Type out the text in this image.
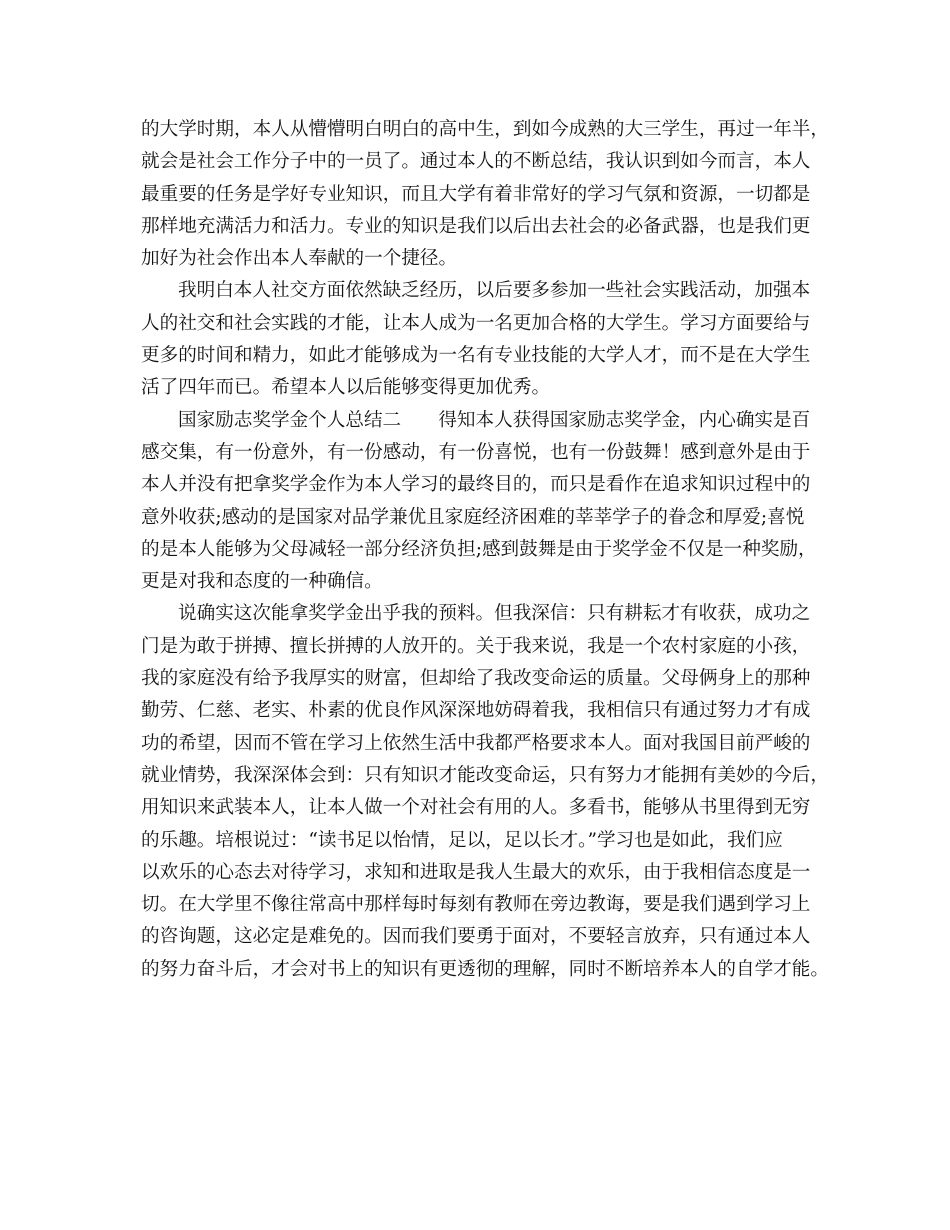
的大学时期，本人从懵懵明白明白的高中生，到如今成熟的大三学生，再过一年半，
就会是社会工作分子中的一员了。通过本人的不断总结，我认识到如今而言，本人
最重要的任务是学好专业知识，而且大学有着非常好的学习气氛和资源，一切都是
那样地充满活力和活力。专业的知识是我们以后出去社会的必备武器，也是我们更
加好为社会作出本人奉献的一个捷径。
我明白本人社交方面依然缺乏经历，以后要多参加一些社会实践活动，加强本
人的社交和社会实践的才能，让本人成为一名更加合格的大学生。学习方面要给与
更多的时间和精力，如此才能够成为一名有专业技能的大学人才，而不是在大学生
活了四年而已。希望本人以后能够变得更加优秀。
国家励志奖学金个人总结二　　得知本人获得国家励志奖学金，内心确实是百
感交集，有一份意外，有一份感动，有一份喜悦，也有一份鼓舞！感到意外是由于
本人并没有把拿奖学金作为本人学习的最终目的，而只是看作在追求知识过程中的
意外收获;感动的是国家对品学兼优且家庭经济困难的莘莘学子的眷念和厚爱;喜悦
的是本人能够为父母减轻一部分经济负担;感到鼓舞是由于奖学金不仅是一种奖励，
更是对我和态度的一种确信。
说确实这次能拿奖学金出乎我的预料。但我深信：只有耕耘才有收获，成功之
门是为敢于拼搏、擅长拼搏的人放开的。关于我来说，我是一个农村家庭的小孩，
我的家庭没有给予我厚实的财富，但却给了我改变命运的质量。父母俩身上的那种
勤劳、仁慈、老实、朴素的优良作风深深地妨碍着我，我相信只有通过努力才有成
功的希望，因而不管在学习上依然生活中我都严格要求本人。面对我国目前严峻的
就业情势，我深深体会到：只有知识才能改变命运，只有努力才能拥有美妙的今后，
用知识来武装本人，让本人做一个对社会有用的人。多看书，能够从书里得到无穷
的乐趣。培根说过：“读书足以怡情，足以，足以长才。”学习也是如此，我们应
以欢乐的心态去对待学习，求知和进取是我人生最大的欢乐，由于我相信态度是一
切。在大学里不像往常高中那样每时每刻有教师在旁边教诲，要是我们遇到学习上
的咨询题，这必定是难免的。因而我们要勇于面对，不要轻言放弃，只有通过本人
的努力奋斗后，才会对书上的知识有更透彻的理解，同时不断培养本人的自学才能。
